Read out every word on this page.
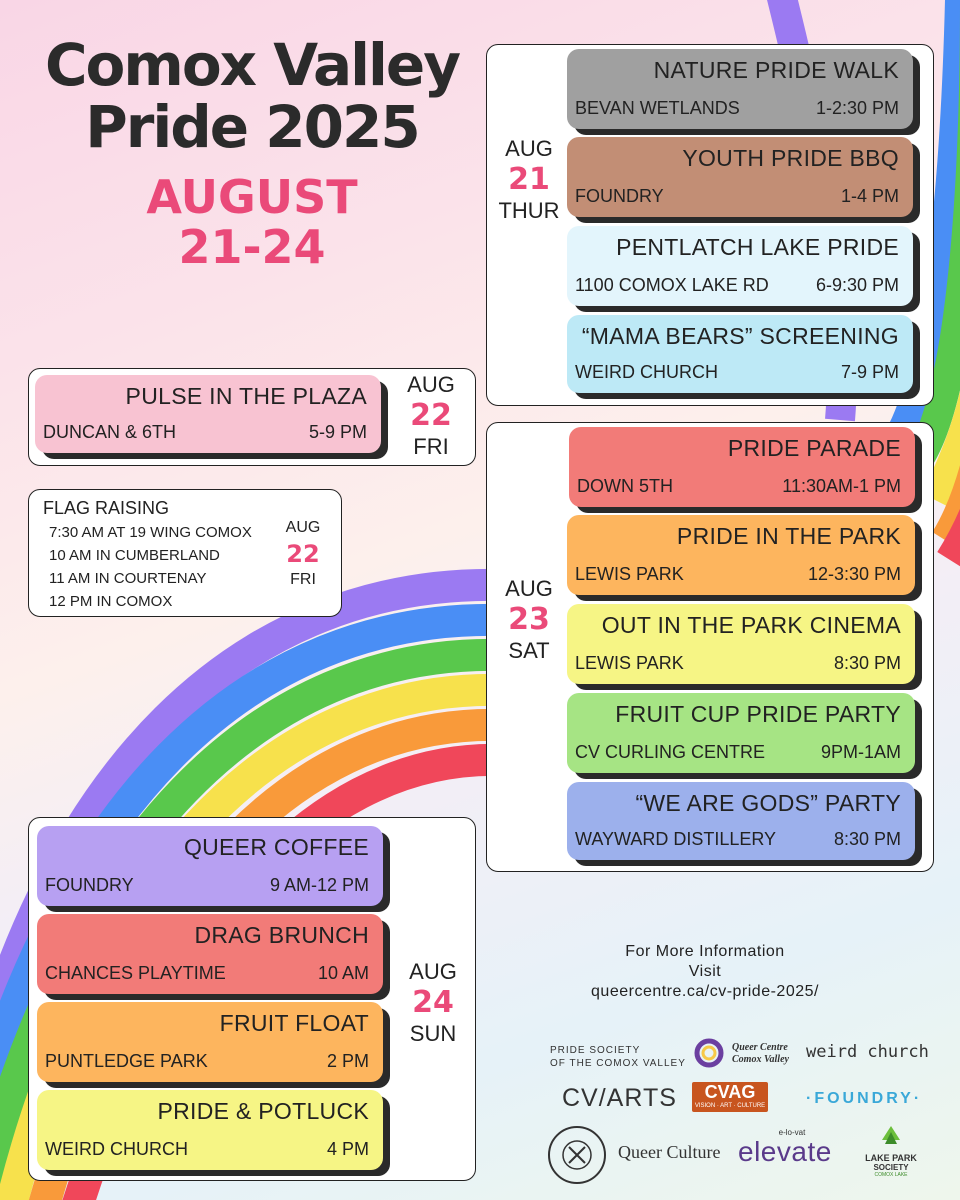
Comox Valley
Pride 2025
AUGUST
21-24
AUG
21
THUR
NATURE PRIDE WALK
BEVAN WETLANDS	1-2:30 PM
YOUTH PRIDE BBQ
FOUNDRY	1-4 PM
PENTLATCH LAKE PRIDE
1100 COMOX LAKE RD	6-9:30 PM
“MAMA BEARS” SCREENING
WEIRD CHURCH	7-9 PM
PULSE IN THE PLAZA
DUNCAN & 6TH	5-9 PM
AUG
22
FRI
FLAG RAISING
7:30 AM AT 19 WING COMOX
10 AM IN CUMBERLAND
11 AM IN COURTENAY
12 PM IN COMOX
AUG
22
FRI	AUG
23
SAT
PRIDE PARADE
DOWN 5TH	11:30AM-1 PM
PRIDE IN THE PARK
LEWIS PARK	12-3:30 PM
OUT IN THE PARK CINEMA
LEWIS PARK	8:30 PM
FRUIT CUP PRIDE PARTY
CV CURLING CENTRE	9PM-1AM
“WE ARE GODS” PARTY
WAYWARD DISTILLERY	8:30 PM
QUEER COFFEE
FOUNDRY	9 AM-12 PM
DRAG BRUNCH
CHANCES PLAYTIME	10 AM
FRUIT FLOAT
PUNTLEDGE PARK	2 PM
PRIDE & POTLUCK
WEIRD CHURCH	4 PM
AUG
24
SUN
For More Information
Visit
queercentre.ca/cv-pride-2025/
PRIDE SOCIETY
OF THE COMOX VALLEY
Queer Centre
Comox Valley weird church
CV/ARTS	CVAG
VISION · ART · CULTURE	·FOUNDRY·
Queer Culture
e-lo-vat
elevate	LAKE PARK
SOCIETY
COMOX LAKE
